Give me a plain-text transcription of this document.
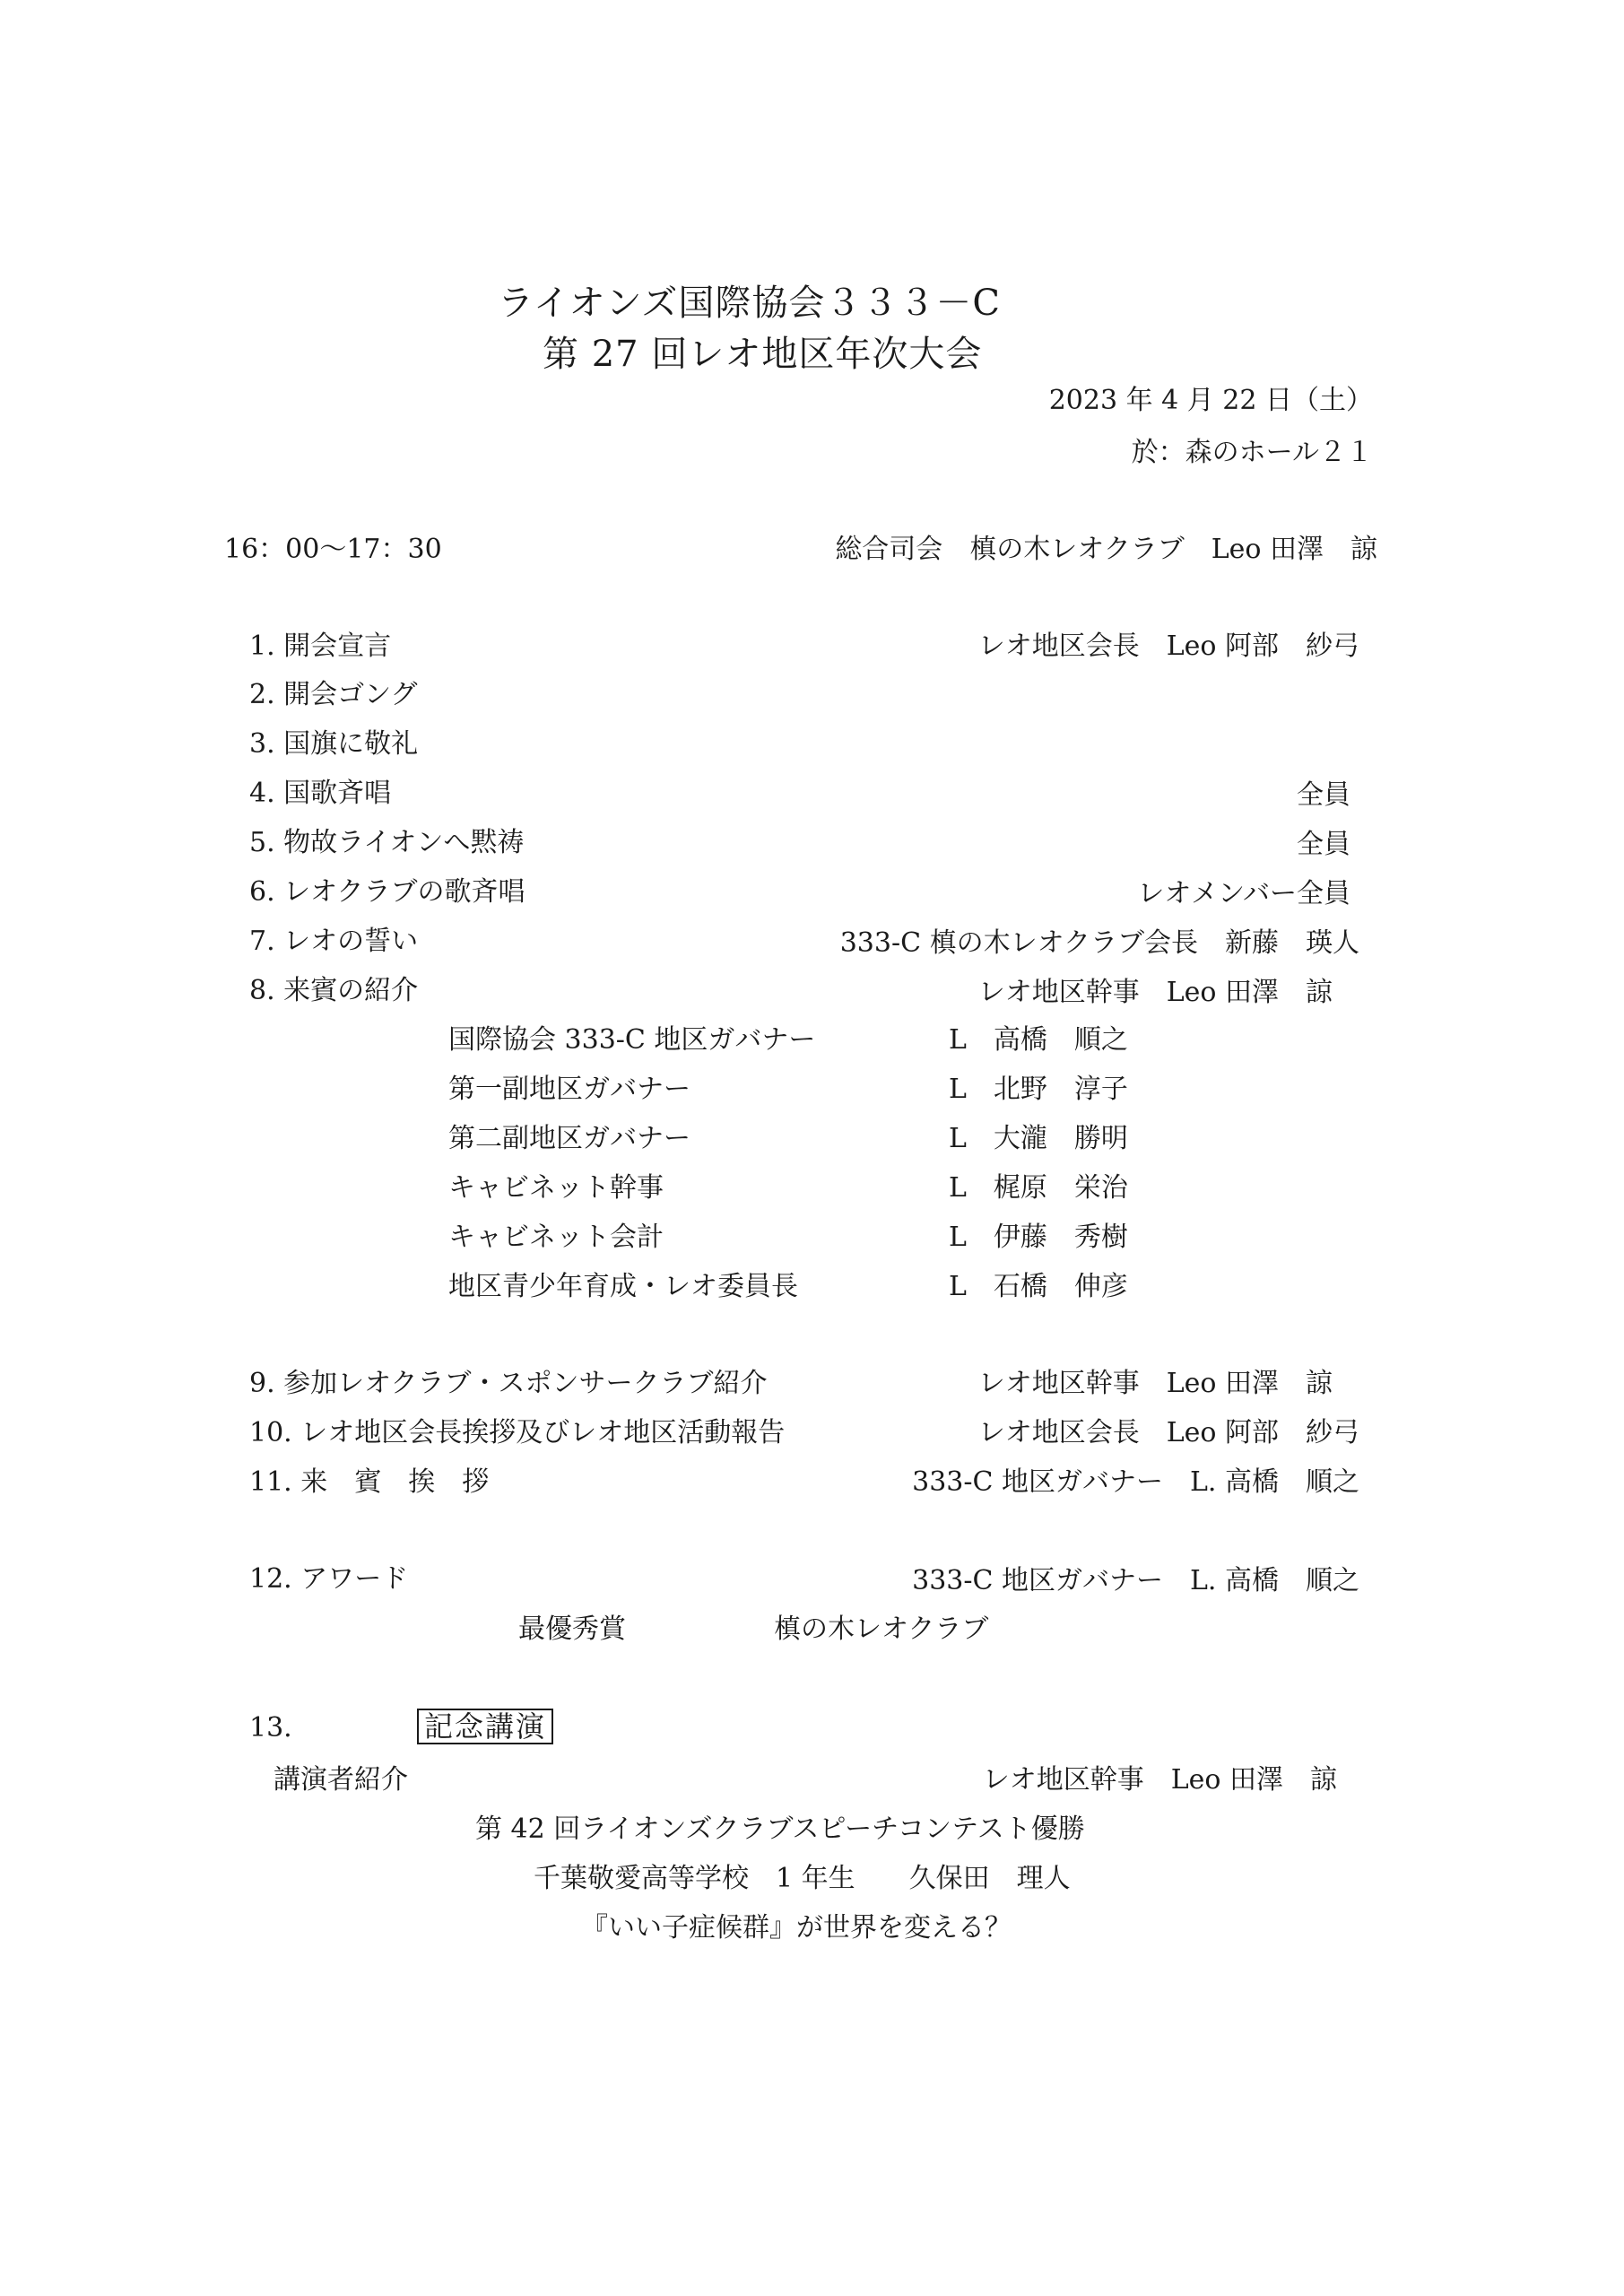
ライオンズ国際協会３３３－C
第 27 回レオ地区年次大会
2023 年 4 月 22 日（土）
於：森のホール２１
16：00～17：30	総合司会　槙の木レオクラブ　Leo 田澤　諒
1. 開会宣言	レオ地区会長　Leo 阿部　紗弓
2. 開会ゴング
3. 国旗に敬礼
4. 国歌斉唱	全員
5. 物故ライオンへ黙祷	全員
6. レオクラブの歌斉唱	レオメンバー全員
7. レオの誓い	333-C 槙の木レオクラブ会長　新藤　瑛人
8. 来賓の紹介	レオ地区幹事　Leo 田澤　諒
国際協会 333-C 地区ガバナー	L　高橋　順之
第一副地区ガバナー	L　北野　淳子
第二副地区ガバナー	L　大瀧　勝明
キャビネット幹事	L　梶原　栄治
キャビネット会計	L　伊藤　秀樹
地区青少年育成・レオ委員長	L　石橋　伸彦
9. 参加レオクラブ・スポンサークラブ紹介	レオ地区幹事　Leo 田澤　諒
10. レオ地区会長挨拶及びレオ地区活動報告	レオ地区会長　Leo 阿部　紗弓
11. 来　賓　挨　拶	333-C 地区ガバナー　L. 高橋　順之
12. アワード	333-C 地区ガバナー　L. 高橋　順之
最優秀賞	槙の木レオクラブ
13.	記念講演
講演者紹介	レオ地区幹事　Leo 田澤　諒
第 42 回ライオンズクラブスピーチコンテスト優勝
千葉敬愛高等学校　1 年生　　久保田　理人
『いい子症候群』が世界を変える？
